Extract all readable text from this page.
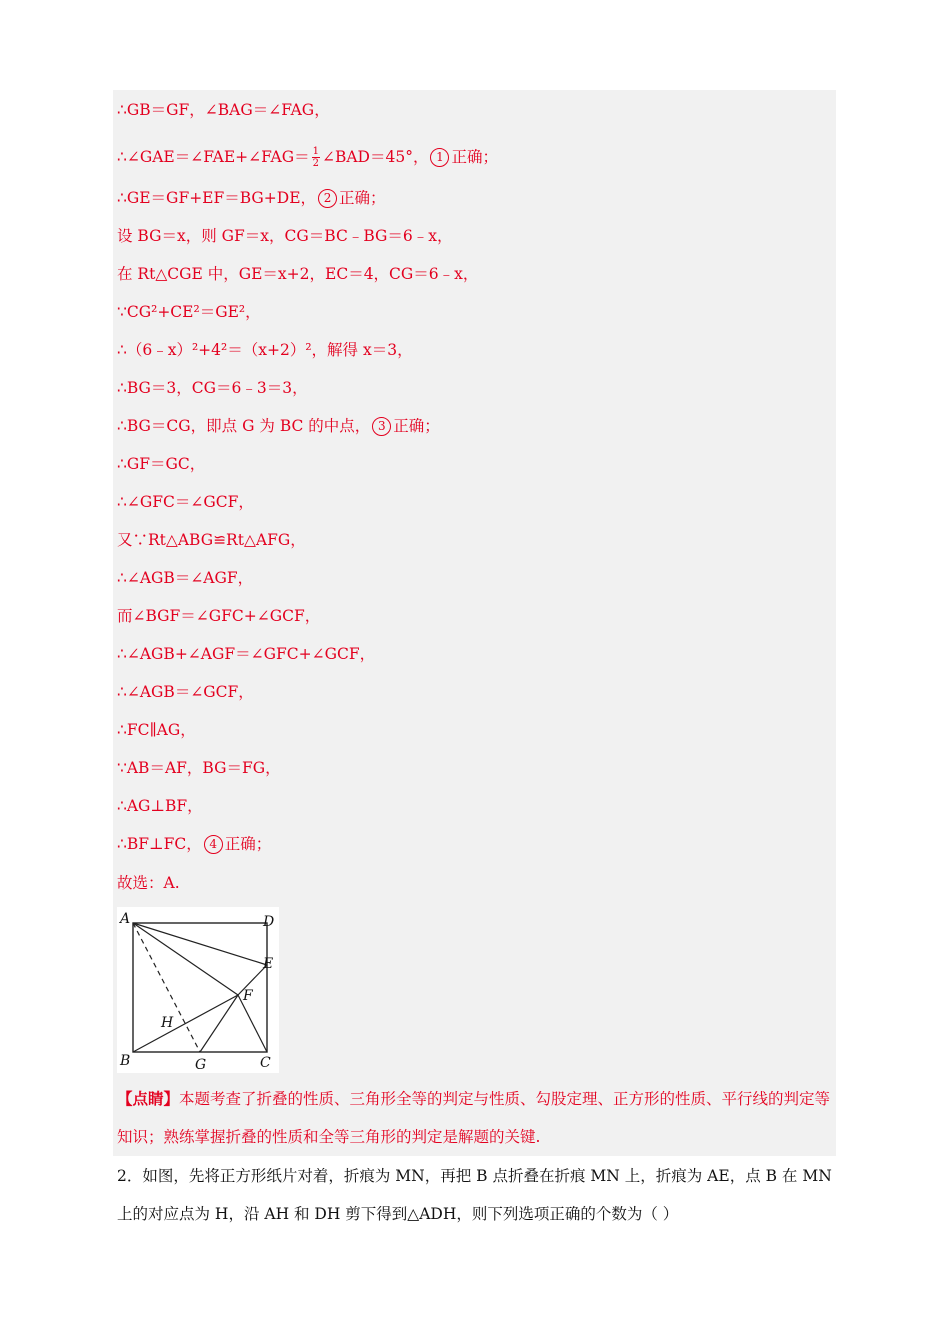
∴GB＝GF，∠BAG＝∠FAG，
∴∠GAE＝∠FAE+∠FAG＝ $\frac{1}{2}$ ∠BAD＝45°， 1 正确；
∴GE＝GF+EF＝BG+DE， 2 正确；
设 BG＝x，则 GF＝x，CG＝BC﹣BG＝6﹣x，
在 Rt△CGE 中，GE＝x+2，EC＝4，CG＝6﹣x，
∵CG²+CE²＝GE²，
∴（6﹣x）²+4²＝（x+2）²，解得 x＝3，
∴BG＝3，CG＝6﹣3＝3，
∴BG＝CG，即点 G 为 BC 的中点， 3 正确；
∴GF＝GC，
∴∠GFC＝∠GCF，
又∵Rt△ABG≌Rt△AFG，
∴∠AGB＝∠AGF，
而∠BGF＝∠GFC+∠GCF，
∴∠AGB+∠AGF＝∠GFC+∠GCF，
∴∠AGB＝∠GCF，
∴FC∥AG，
∵AB＝AF，BG＝FG，
∴AG⊥BF，
∴BF⊥FC， 4 正确；
故选：A.
A	D
E
F
H
B	G	C
【点睛】本题考查了折叠的性质、三角形全等的判定与性质、勾股定理、正方形的性质、平行线的判定等知识；熟练掌握折叠的性质和全等三角形的判定是解题的关键.
2．如图，先将正方形纸片对着，折痕为 MN，再把 B 点折叠在折痕 MN 上，折痕为 AE，点 B 在 MN 上的对应点为 H，沿 AH 和 DH 剪下得到△ADH，则下列选项正确的个数为（ ）
